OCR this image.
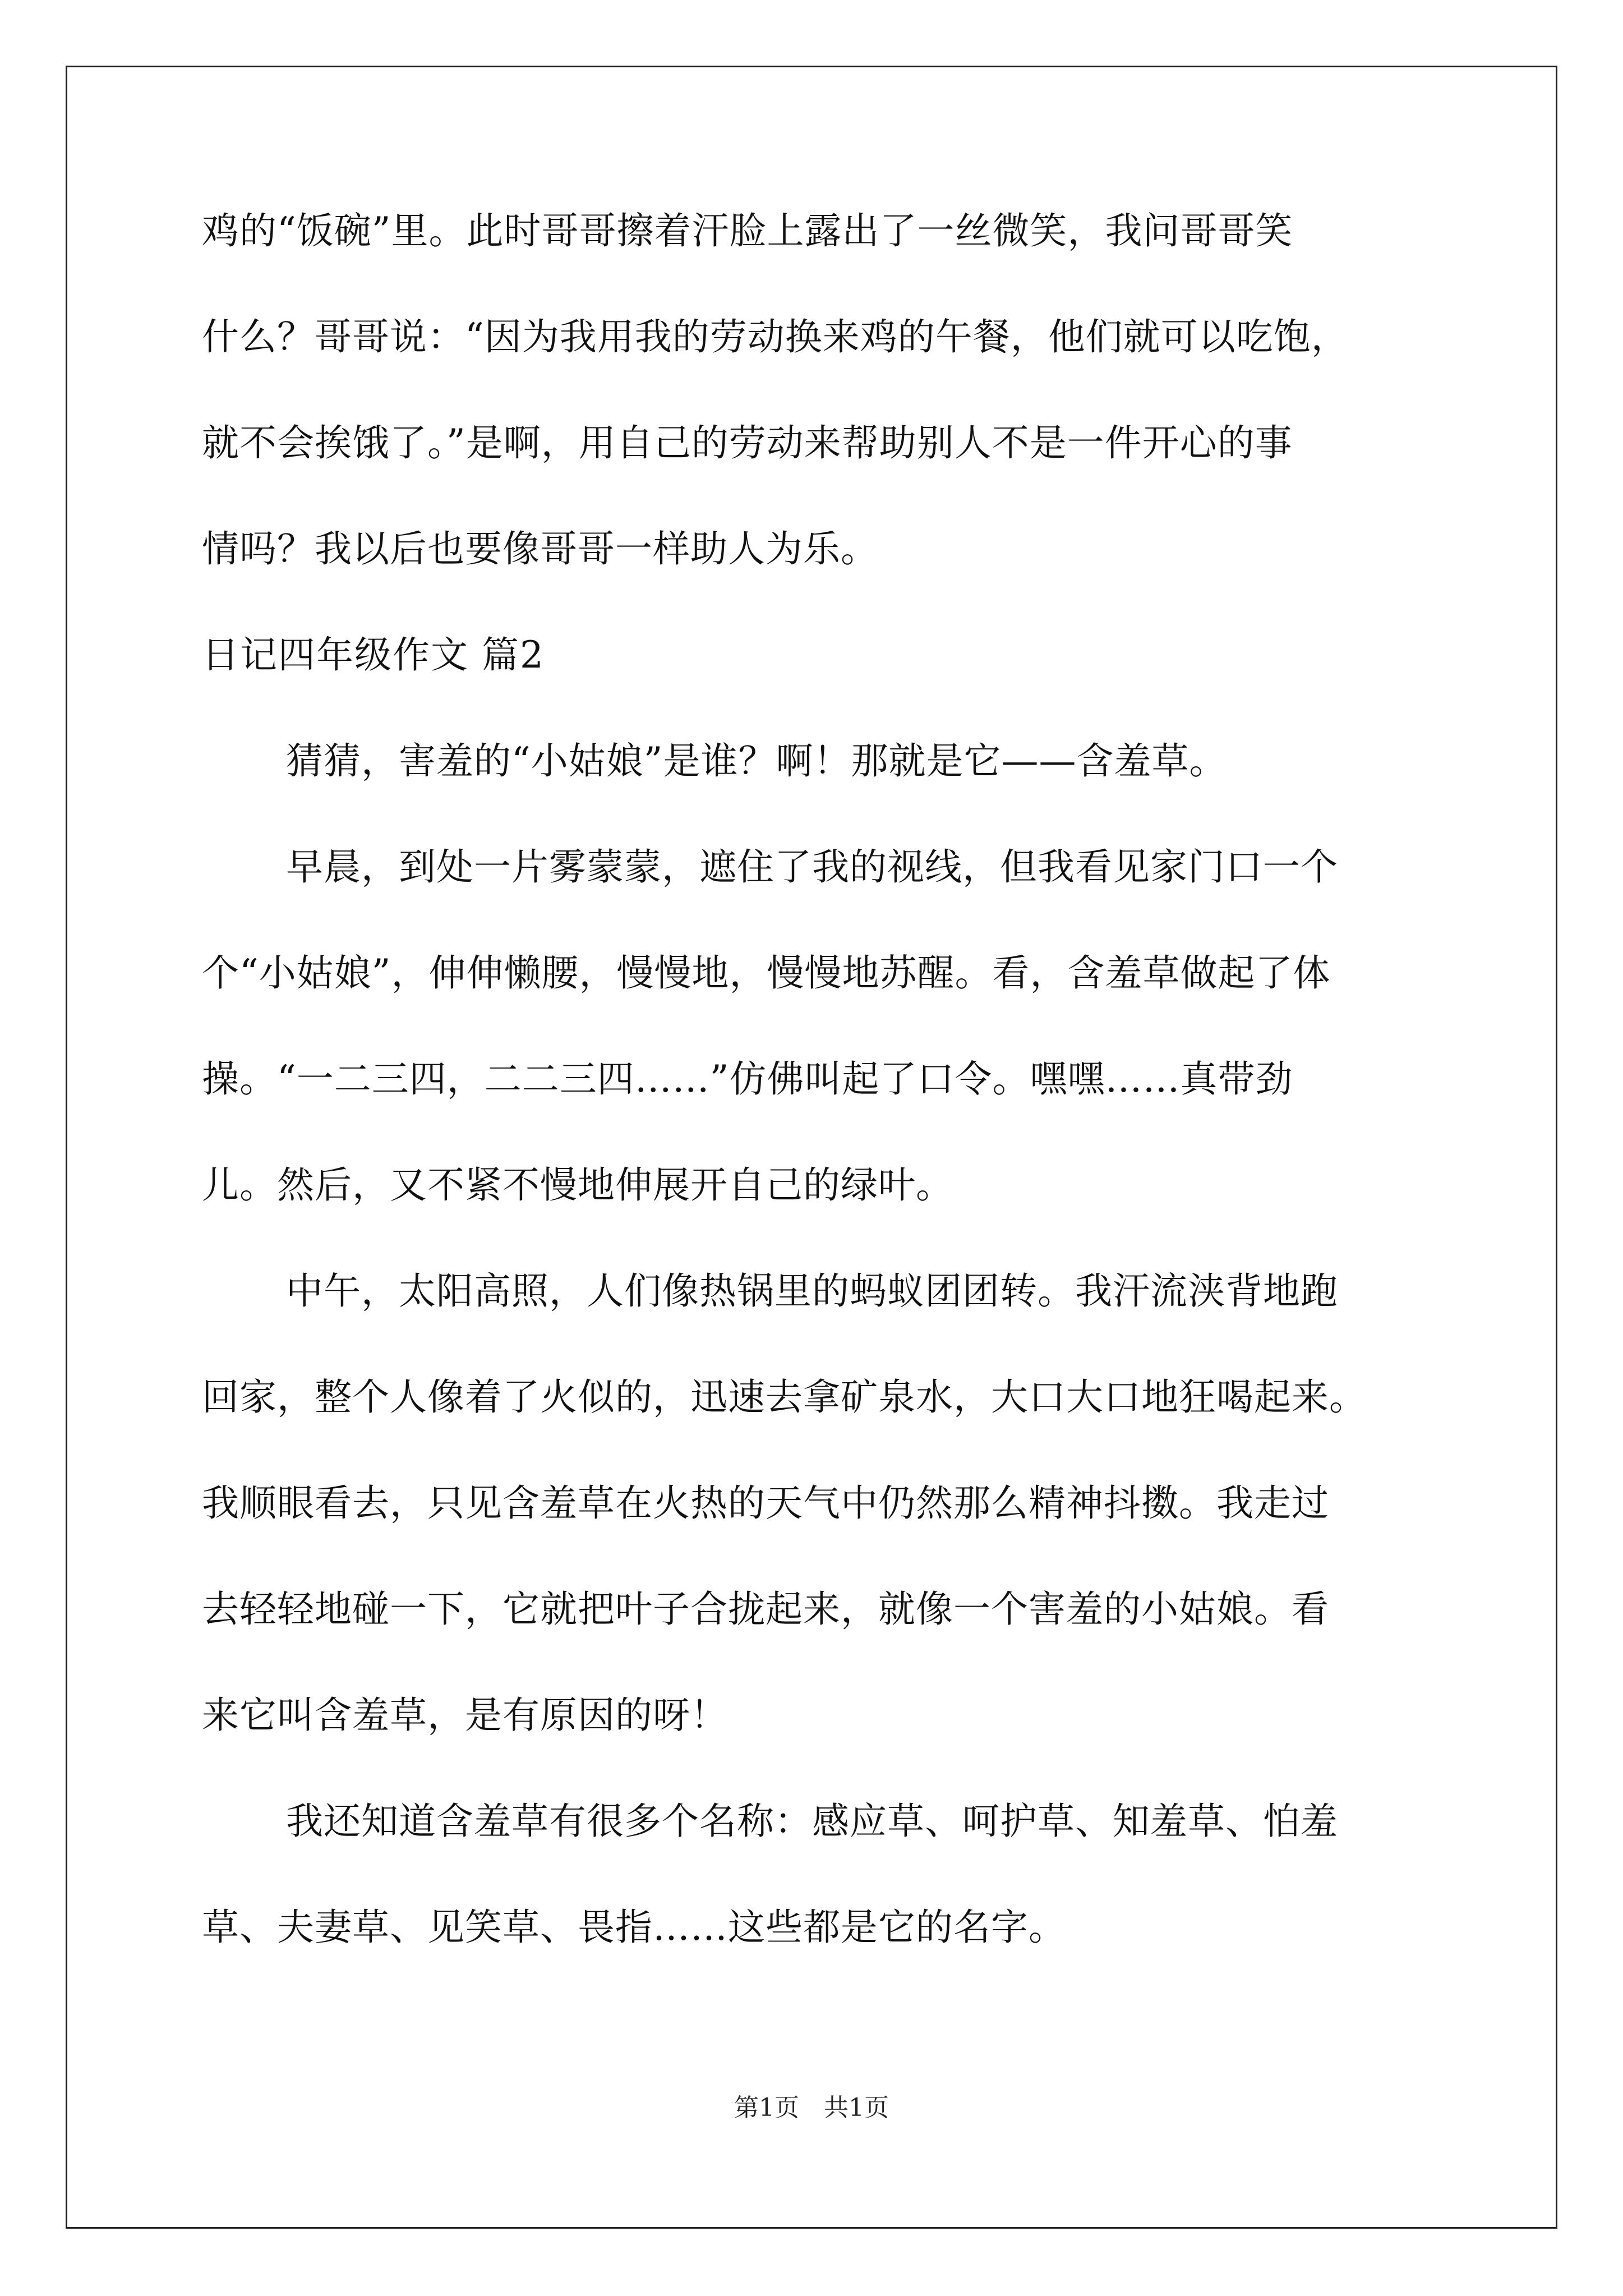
鸡的“饭碗”里。此时哥哥擦着汗脸上露出了一丝微笑，我问哥哥笑
什么？哥哥说：“因为我用我的劳动换来鸡的午餐，他们就可以吃饱，
就不会挨饿了。”是啊，用自己的劳动来帮助别人不是一件开心的事
情吗？我以后也要像哥哥一样助人为乐。
日记四年级作文 篇2
猜猜，害羞的“小姑娘”是谁？啊！那就是它——含羞草。
早晨，到处一片雾蒙蒙，遮住了我的视线，但我看见家门口一个
个“小姑娘”，伸伸懒腰，慢慢地，慢慢地苏醒。看，含羞草做起了体
操。“一二三四，二二三四……”仿佛叫起了口令。嘿嘿……真带劲
儿。然后，又不紧不慢地伸展开自己的绿叶。
中午，太阳高照，人们像热锅里的蚂蚁团团转。我汗流浃背地跑
回家，整个人像着了火似的，迅速去拿矿泉水，大口大口地狂喝起来。
我顺眼看去，只见含羞草在火热的天气中仍然那么精神抖擞。我走过
去轻轻地碰一下，它就把叶子合拢起来，就像一个害羞的小姑娘。看
来它叫含羞草，是有原因的呀！
我还知道含羞草有很多个名称：感应草、呵护草、知羞草、怕羞
草、夫妻草、见笑草、畏指……这些都是它的名字。
第1页　共1页
